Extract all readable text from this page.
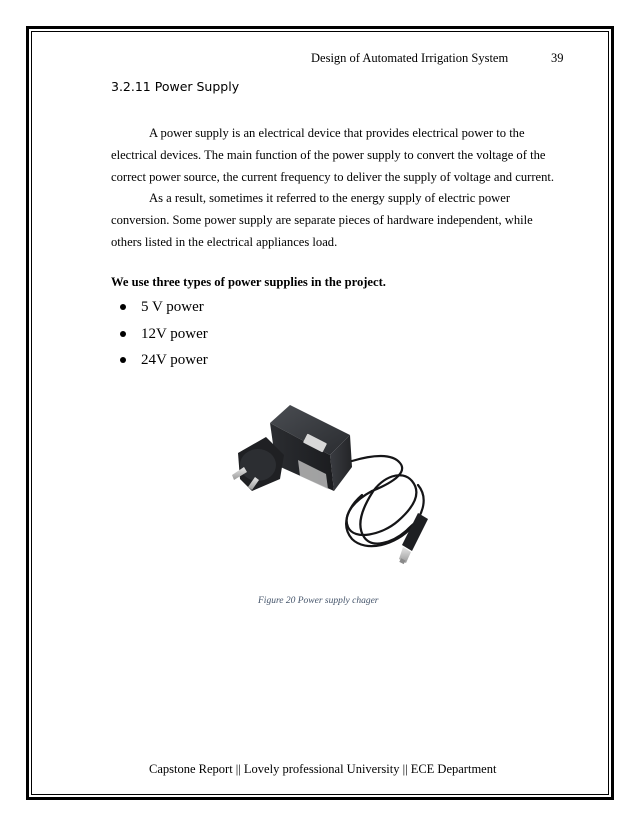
Design of Automated Irrigation System	39
3.2.11 Power Supply

A power supply is an electrical device that provides electrical power to the electrical devices. The main function of the power supply to convert the voltage of the correct power source, the current frequency to deliver the supply of voltage and current.

As a result, sometimes it referred to the energy supply of electric power conversion. Some power supply are separate pieces of hardware independent, while others listed in the electrical appliances load.

We use three types of power supplies in the project.
5 V power
12V power
24V power
Figure 20 Power supply chager
Capstone Report || Lovely professional University || ECE Department
